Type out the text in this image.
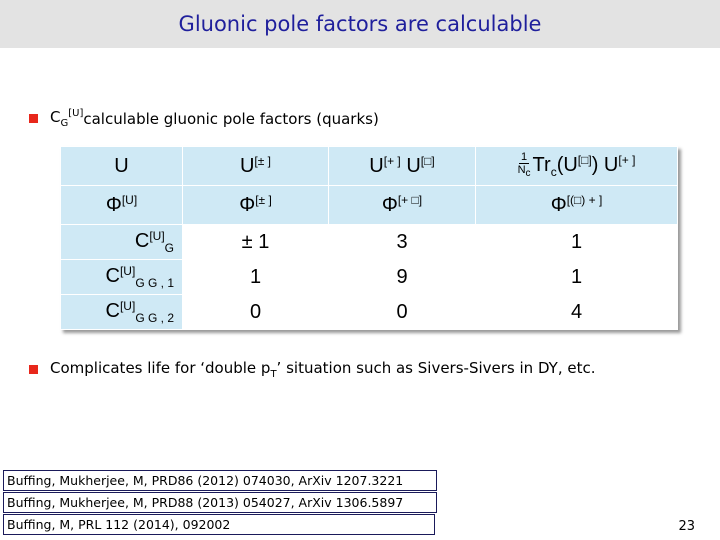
Gluonic pole factors are calculable
$C_G[U]$ calculable gluonic pole factors (quarks)
U	U[± ]	U[+ ] U[□]	$\frac{1}{N_c} Tr_c(U[□])$ U[+ ]
Φ[U]	Φ[± ]	Φ[+ □]	Φ[(□) + ]
$C[U]_G$	± 1	3	1
$C[U]_{G G , 1}$	1	9	1
$C[U]_{G G , 2}$	0	0	4
Complicates life for ‘double $p_T$’ situation such as Sivers-Sivers in DY, etc.
Buffing, Mukherjee, M, PRD86 (2012) 074030, ArXiv 1207.3221
Buffing, Mukherjee, M, PRD88 (2013) 054027, ArXiv 1306.5897
Buffing, M, PRL 112 (2014), 092002	23
